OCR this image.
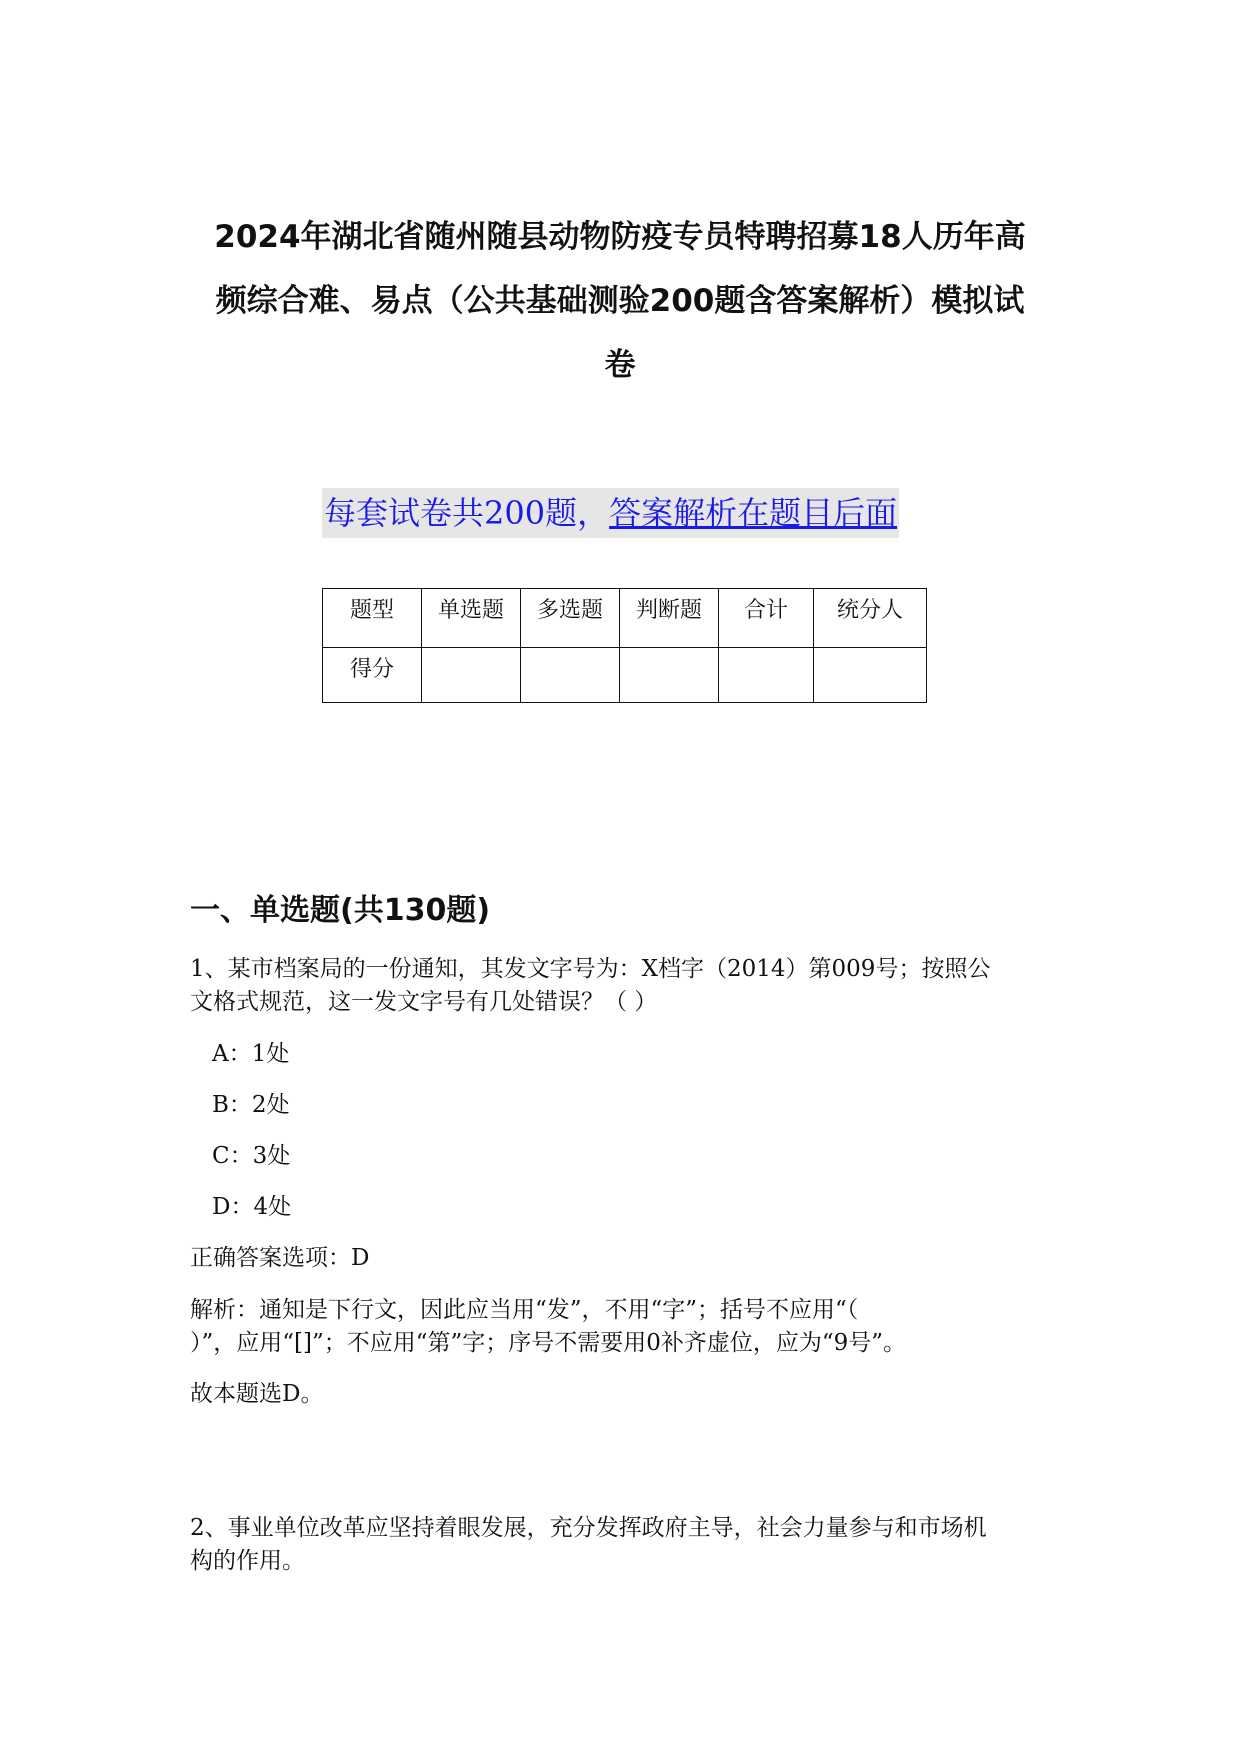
2024年湖北省随州随县动物防疫专员特聘招募18人历年高
频综合难、易点（公共基础测验200题含答案解析）模拟试
卷
每套试卷共200题，答案解析在题目后面
题型	单选题	多选题	判断题	合计	统分人
得分					
一、单选题(共130题)
1、某市档案局的一份通知，其发文字号为：X档字（2014）第009号；按照公
文格式规范，这一发文字号有几处错误？（ ）
A：1处
B：2处
C：3处
D：4处
正确答案选项：D
解析：通知是下行文，因此应当用“发”，不用“字”；括号不应用“（
）”，应用“[]”；不应用“第”字；序号不需要用0补齐虚位，应为“9号”。
故本题选D。
2、事业单位改革应坚持着眼发展，充分发挥政府主导，社会力量参与和市场机
构的作用。
